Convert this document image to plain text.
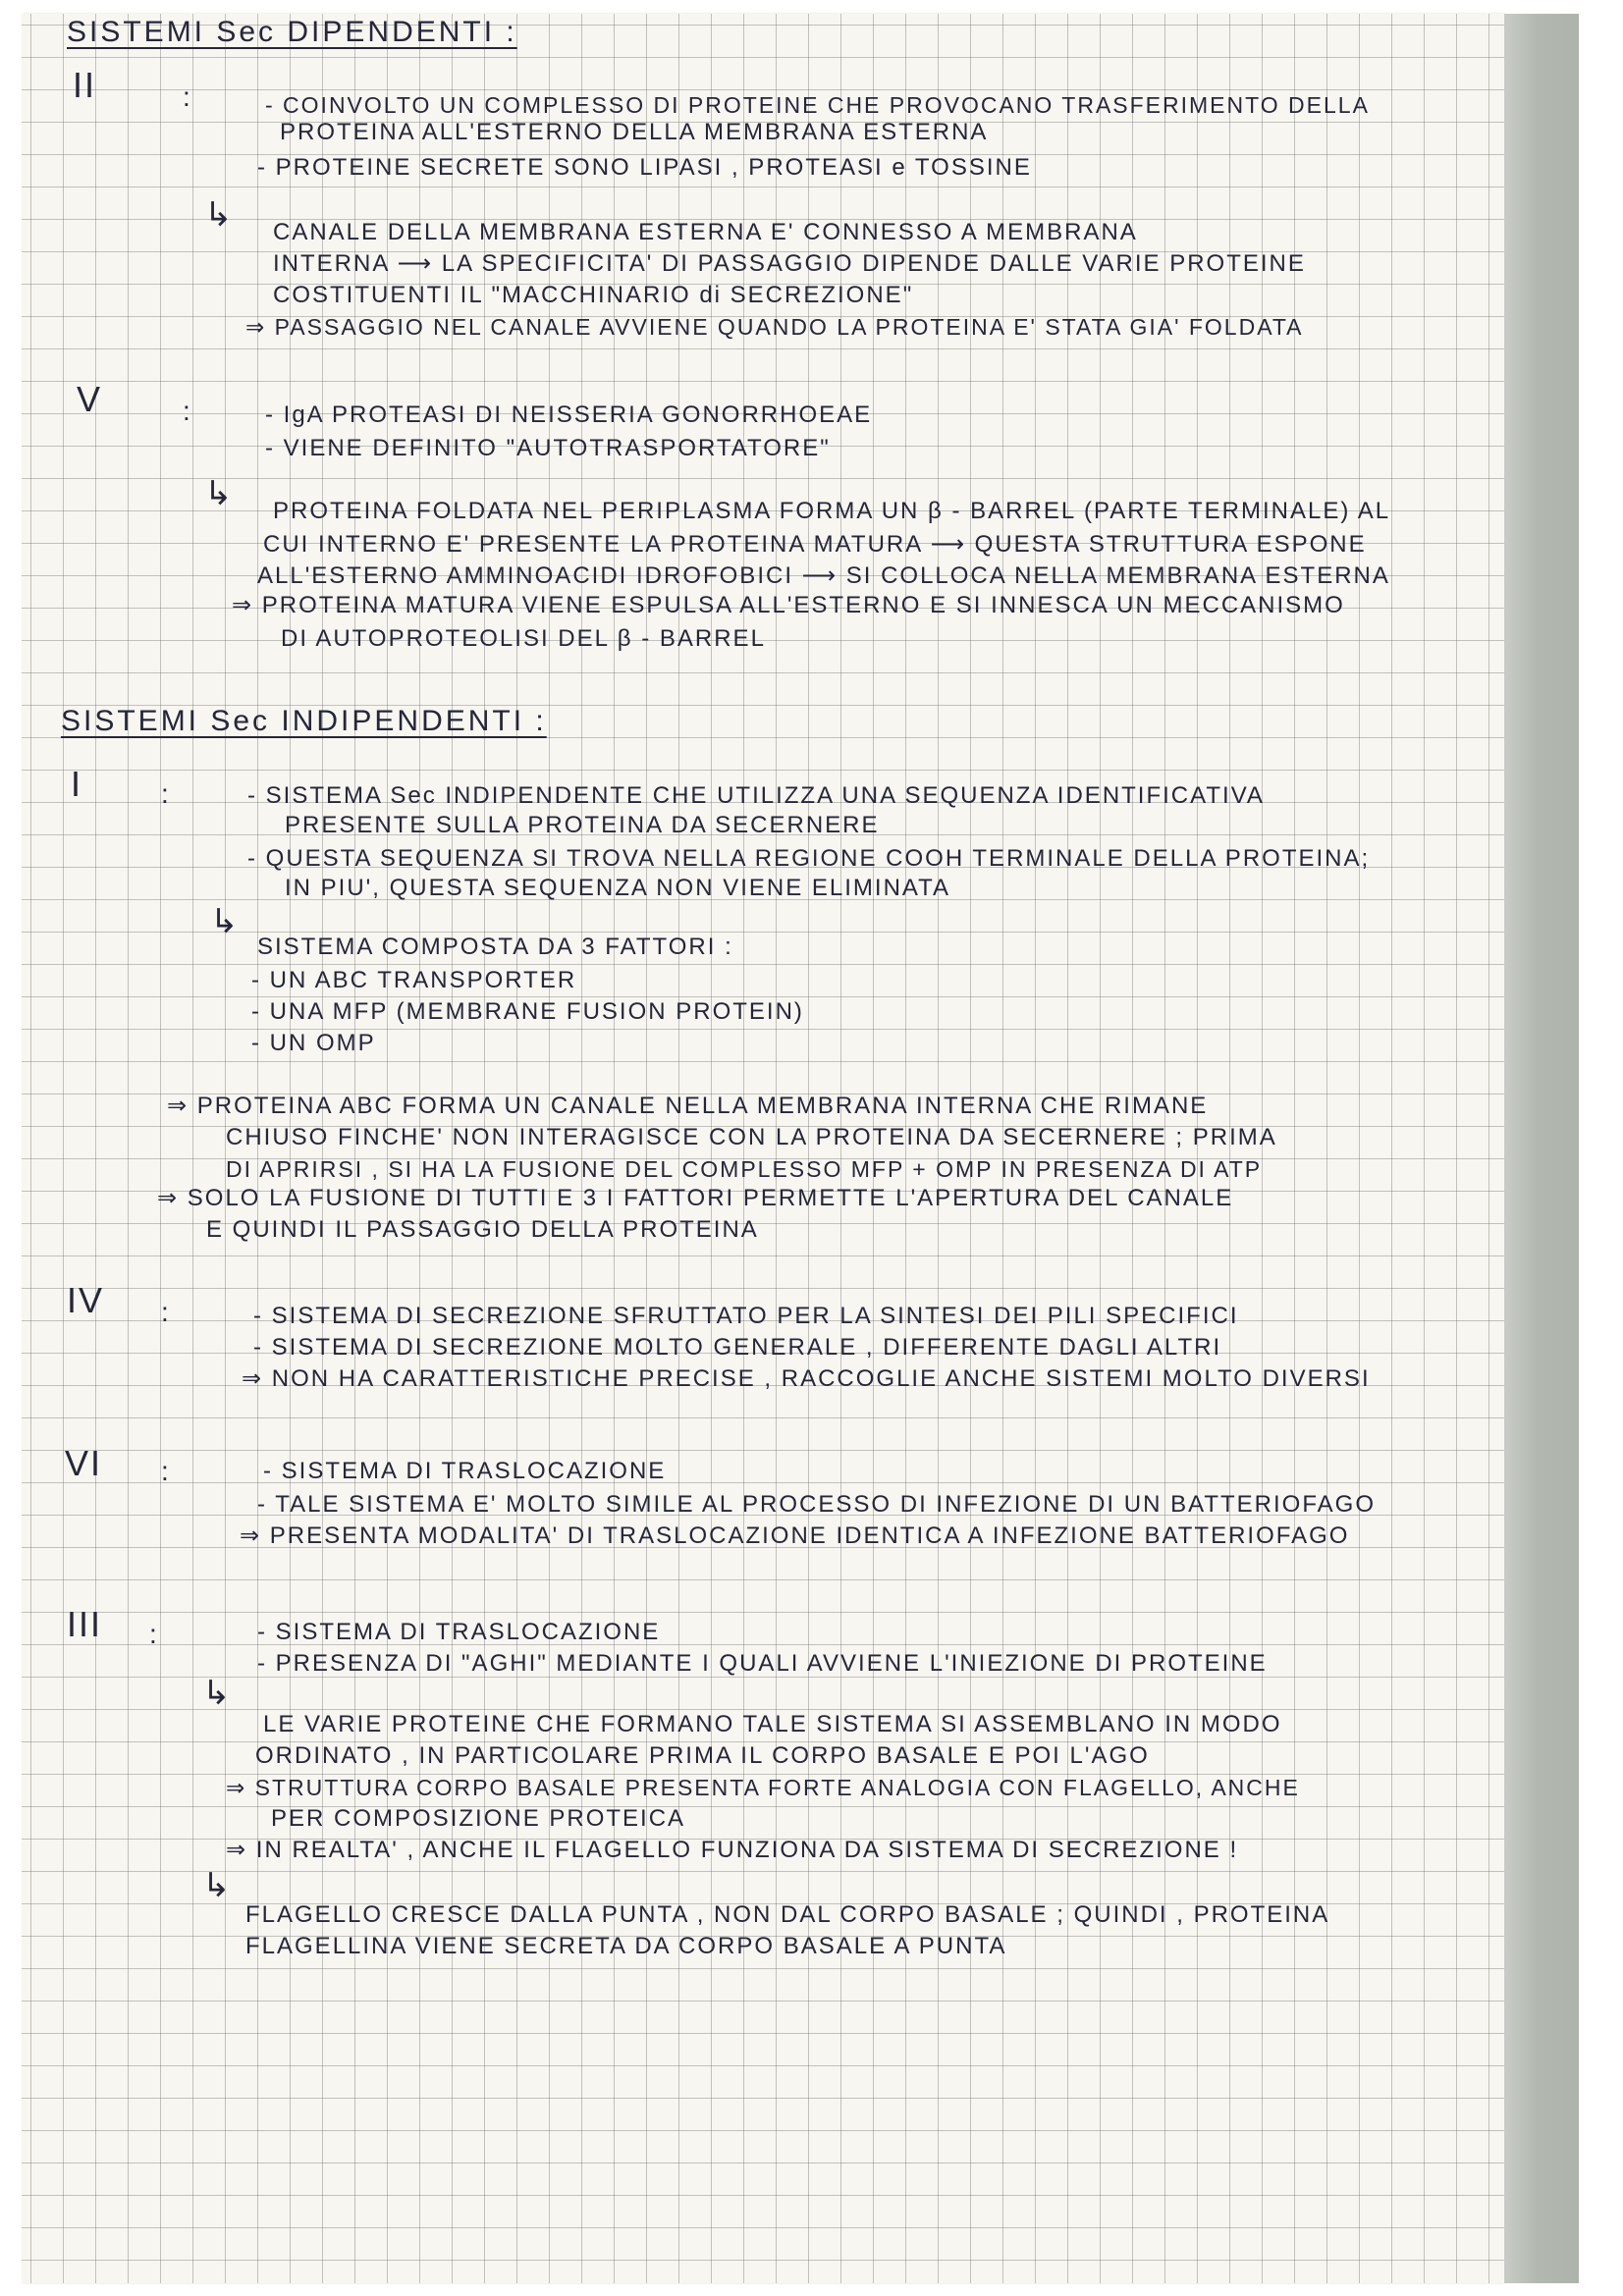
SISTEMI Sec DIPENDENTI :
II	:	- COINVOLTO UN COMPLESSO DI PROTEINE CHE PROVOCANO TRASFERIMENTO DELLA
PROTEINA ALL'ESTERNO DELLA MEMBRANA ESTERNA
- PROTEINE SECRETE SONO LIPASI , PROTEASI e TOSSINE
↳ CANALE DELLA MEMBRANA ESTERNA E' CONNESSO A MEMBRANA
INTERNA ⟶ LA SPECIFICITA' DI PASSAGGIO DIPENDE DALLE VARIE PROTEINE
COSTITUENTI IL "MACCHINARIO di SECREZIONE"
⇒ PASSAGGIO NEL CANALE AVVIENE QUANDO LA PROTEINA E' STATA GIA' FOLDATA
V	:	- IgA PROTEASI DI NEISSERIA GONORRHOEAE
- VIENE DEFINITO "AUTOTRASPORTATORE"
↳ PROTEINA FOLDATA NEL PERIPLASMA FORMA UN β - BARREL (PARTE TERMINALE) AL
CUI INTERNO E' PRESENTE LA PROTEINA MATURA ⟶ QUESTA STRUTTURA ESPONE
ALL'ESTERNO AMMINOACIDI IDROFOBICI ⟶ SI COLLOCA NELLA MEMBRANA ESTERNA
⇒ PROTEINA MATURA VIENE ESPULSA ALL'ESTERNO E SI INNESCA UN MECCANISMO
DI AUTOPROTEOLISI DEL β - BARREL
SISTEMI Sec INDIPENDENTI :
I	:	- SISTEMA Sec INDIPENDENTE CHE UTILIZZA UNA SEQUENZA IDENTIFICATIVA
PRESENTE SULLA PROTEINA DA SECERNERE
- QUESTA SEQUENZA SI TROVA NELLA REGIONE COOH TERMINALE DELLA PROTEINA;
IN PIU', QUESTA SEQUENZA NON VIENE ELIMINATA
↳
SISTEMA COMPOSTA DA 3 FATTORI :
- UN ABC TRANSPORTER
- UNA MFP (MEMBRANE FUSION PROTEIN)
- UN OMP
⇒ PROTEINA ABC FORMA UN CANALE NELLA MEMBRANA INTERNA CHE RIMANE
CHIUSO FINCHE' NON INTERAGISCE CON LA PROTEINA DA SECERNERE ; PRIMA
DI APRIRSI , SI HA LA FUSIONE DEL COMPLESSO MFP + OMP IN PRESENZA DI ATP
⇒ SOLO LA FUSIONE DI TUTTI E 3 I FATTORI PERMETTE L'APERTURA DEL CANALE
E QUINDI IL PASSAGGIO DELLA PROTEINA
IV :	- SISTEMA DI SECREZIONE SFRUTTATO PER LA SINTESI DEI PILI SPECIFICI
- SISTEMA DI SECREZIONE MOLTO GENERALE , DIFFERENTE DAGLI ALTRI
⇒ NON HA CARATTERISTICHE PRECISE , RACCOGLIE ANCHE SISTEMI MOLTO DIVERSI
VI :	- SISTEMA DI TRASLOCAZIONE
- TALE SISTEMA E' MOLTO SIMILE AL PROCESSO DI INFEZIONE DI UN BATTERIOFAGO
⇒ PRESENTA MODALITA' DI TRASLOCAZIONE IDENTICA A INFEZIONE BATTERIOFAGO
III :	- SISTEMA DI TRASLOCAZIONE
- PRESENZA DI "AGHI" MEDIANTE I QUALI AVVIENE L'INIEZIONE DI PROTEINE
↳
LE VARIE PROTEINE CHE FORMANO TALE SISTEMA SI ASSEMBLANO IN MODO
ORDINATO , IN PARTICOLARE PRIMA IL CORPO BASALE E POI L'AGO
⇒ STRUTTURA CORPO BASALE PRESENTA FORTE ANALOGIA CON FLAGELLO, ANCHE
PER COMPOSIZIONE PROTEICA
⇒ IN REALTA' , ANCHE IL FLAGELLO FUNZIONA DA SISTEMA DI SECREZIONE !
↳
FLAGELLO CRESCE DALLA PUNTA , NON DAL CORPO BASALE ; QUINDI , PROTEINA
FLAGELLINA VIENE SECRETA DA CORPO BASALE A PUNTA
